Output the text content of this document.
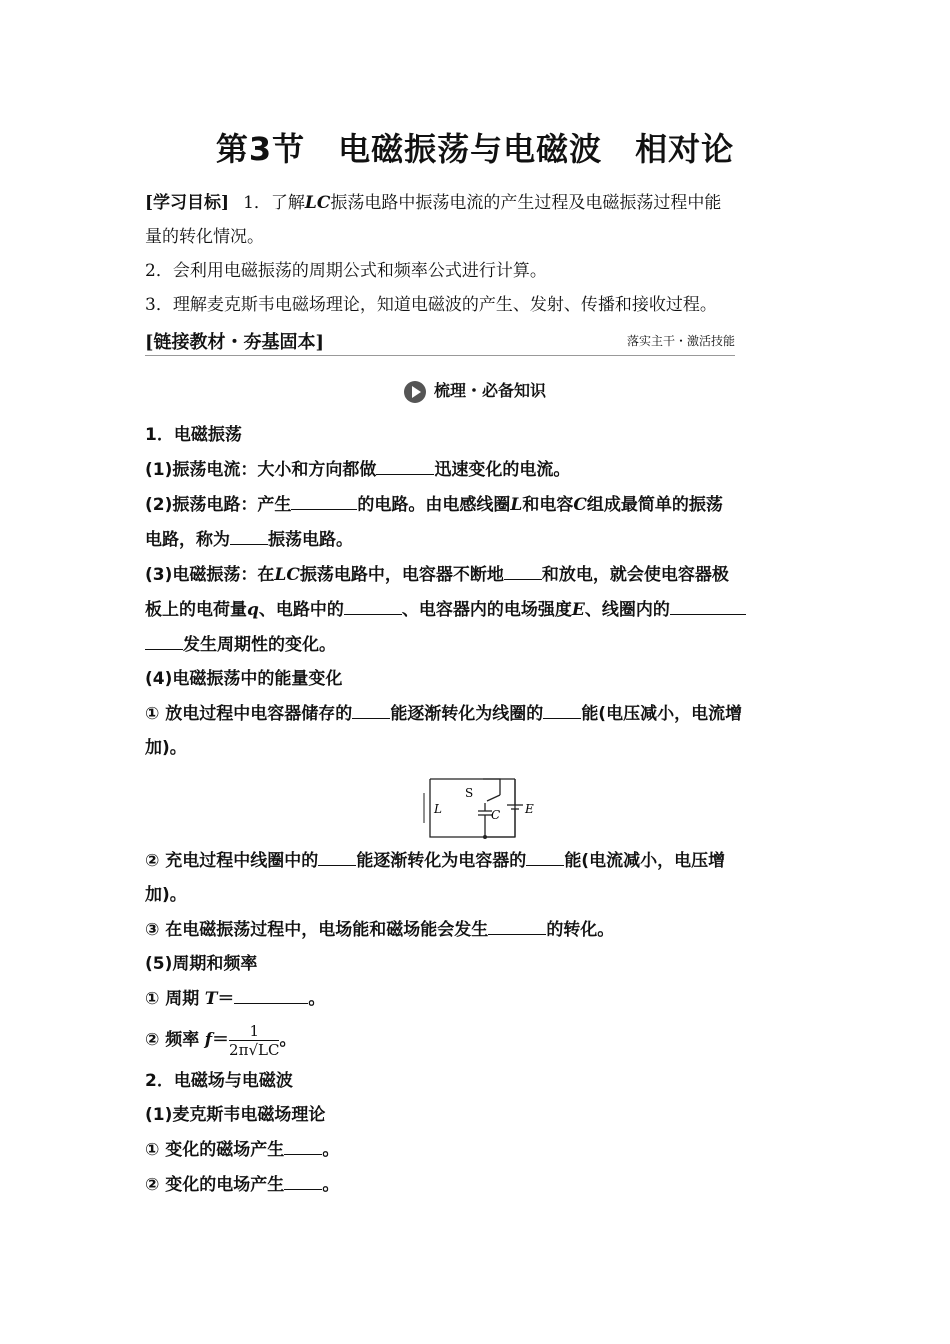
第3节　电磁振荡与电磁波　相对论

[学习目标] 1．了解LC振荡电路中振荡电流的产生过程及电磁振荡过程中能

量的转化情况。

2．会利用电磁振荡的周期公式和频率公式进行计算。

3．理解麦克斯韦电磁场理论，知道电磁波的产生、发射、传播和接收过程。

[链接教材・夯基固本]	落实主干・激活技能
梳理・必备知识

1．电磁振荡

(1)振荡电流：大小和方向都做	迅速变化的电流。

(2)振荡电路：产生	的电路。由电感线圈L和电容C组成最简单的振荡

电路，称为 振荡电路。

(3)电磁振荡：在LC振荡电路中，电容器不断地 和放电，就会使电容器极

板上的电荷量q、电路中的	、电容器内的电场强度E、线圈内的

发生周期性的变化。

(4)电磁振荡中的能量变化

① 放电过程中电容器储存的 能逐渐转化为线圈的 能(电压减小，电流增

加)。

L
S
C E

② 充电过程中线圈中的 能逐渐转化为电容器的 能(电流减小，电压增

加)。

③ 在电磁振荡过程中，电场能和磁场能会发生	的转化。

(5)周期和频率

① 周期 T＝	。

② 频率 $f= \frac{1}{2\pi√LC}$ 。

2．电磁场与电磁波

(1)麦克斯韦电磁场理论

① 变化的磁场产生 。

② 变化的电场产生 。
